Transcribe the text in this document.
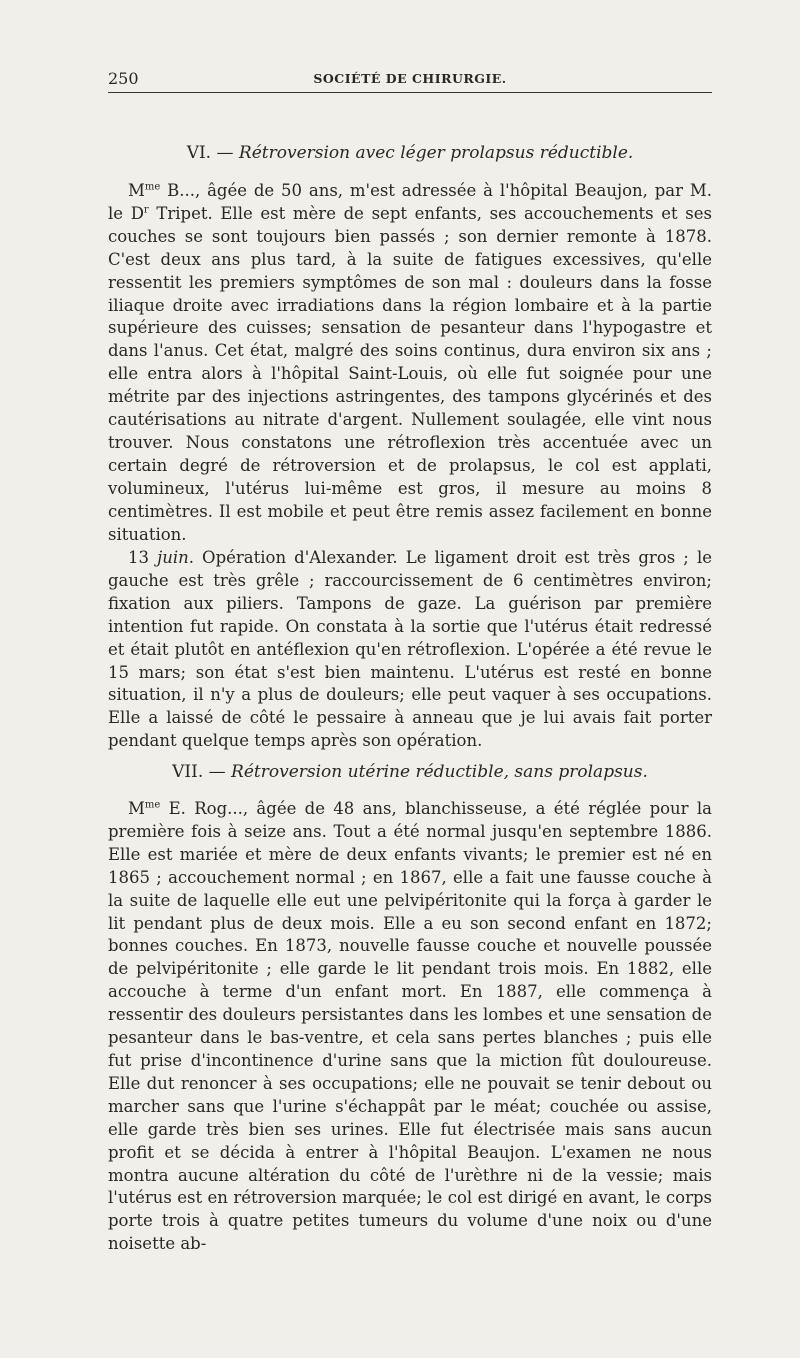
250	SOCIÉTÉ DE CHIRURGIE.
VI. — Rétroversion avec léger prolapsus réductible.

$M^{me}$ B..., âgée de 50 ans, m'est adressée à l'hôpital Beaujon, par M. le $D^r$ Tripet. Elle est mère de sept enfants, ses accouchements et ses couches se sont toujours bien passés ; son dernier remonte à 1878. C'est deux ans plus tard, à la suite de fatigues excessives, qu'elle ressentit les premiers symptômes de son mal : douleurs dans la fosse iliaque droite avec irradiations dans la région lombaire et à la partie supérieure des cuisses; sensation de pesanteur dans l'hypogastre et dans l'anus. Cet état, malgré des soins continus, dura environ six ans ; elle entra alors à l'hôpital Saint-Louis, où elle fut soignée pour une métrite par des injections astringentes, des tampons glycérinés et des cautérisations au nitrate d'argent. Nullement soulagée, elle vint nous trouver. Nous constatons une rétroflexion très accentuée avec un certain degré de rétroversion et de prolapsus, le col est applati, volumineux, l'utérus lui-même est gros, il mesure au moins 8 centimètres. Il est mobile et peut être remis assez facilement en bonne situation.

13 juin. Opération d'Alexander. Le ligament droit est très gros ; le gauche est très grêle ; raccourcissement de 6 centimètres environ; fixation aux piliers. Tampons de gaze. La guérison par première intention fut rapide. On constata à la sortie que l'utérus était redressé et était plutôt en antéflexion qu'en rétroflexion. L'opérée a été revue le 15 mars; son état s'est bien maintenu. L'utérus est resté en bonne situation, il n'y a plus de douleurs; elle peut vaquer à ses occupations. Elle a laissé de côté le pessaire à anneau que je lui avais fait porter pendant quelque temps après son opération.

VII. — Rétroversion utérine réductible, sans prolapsus.

$M^{me}$ E. Rog..., âgée de 48 ans, blanchisseuse, a été réglée pour la première fois à seize ans. Tout a été normal jusqu'en septembre 1886. Elle est mariée et mère de deux enfants vivants; le premier est né en 1865 ; accouchement normal ; en 1867, elle a fait une fausse couche à la suite de laquelle elle eut une pelvipéritonite qui la força à garder le lit pendant plus de deux mois. Elle a eu son second enfant en 1872; bonnes couches. En 1873, nouvelle fausse couche et nouvelle poussée de pelvipéritonite ; elle garde le lit pendant trois mois. En 1882, elle accouche à terme d'un enfant mort. En 1887, elle commença à ressentir des douleurs persistantes dans les lombes et une sensation de pesanteur dans le bas-ventre, et cela sans pertes blanches ; puis elle fut prise d'incontinence d'urine sans que la miction fût douloureuse. Elle dut renoncer à ses occupations; elle ne pouvait se tenir debout ou marcher sans que l'urine s'échappât par le méat; couchée ou assise, elle garde très bien ses urines. Elle fut électrisée mais sans aucun profit et se décida à entrer à l'hôpital Beaujon. L'examen ne nous montra aucune altération du côté de l'urèthre ni de la vessie; mais l'utérus est en rétroversion marquée; le col est dirigé en avant, le corps porte trois à quatre petites tumeurs du volume d'une noix ou d'une noisette ab-
